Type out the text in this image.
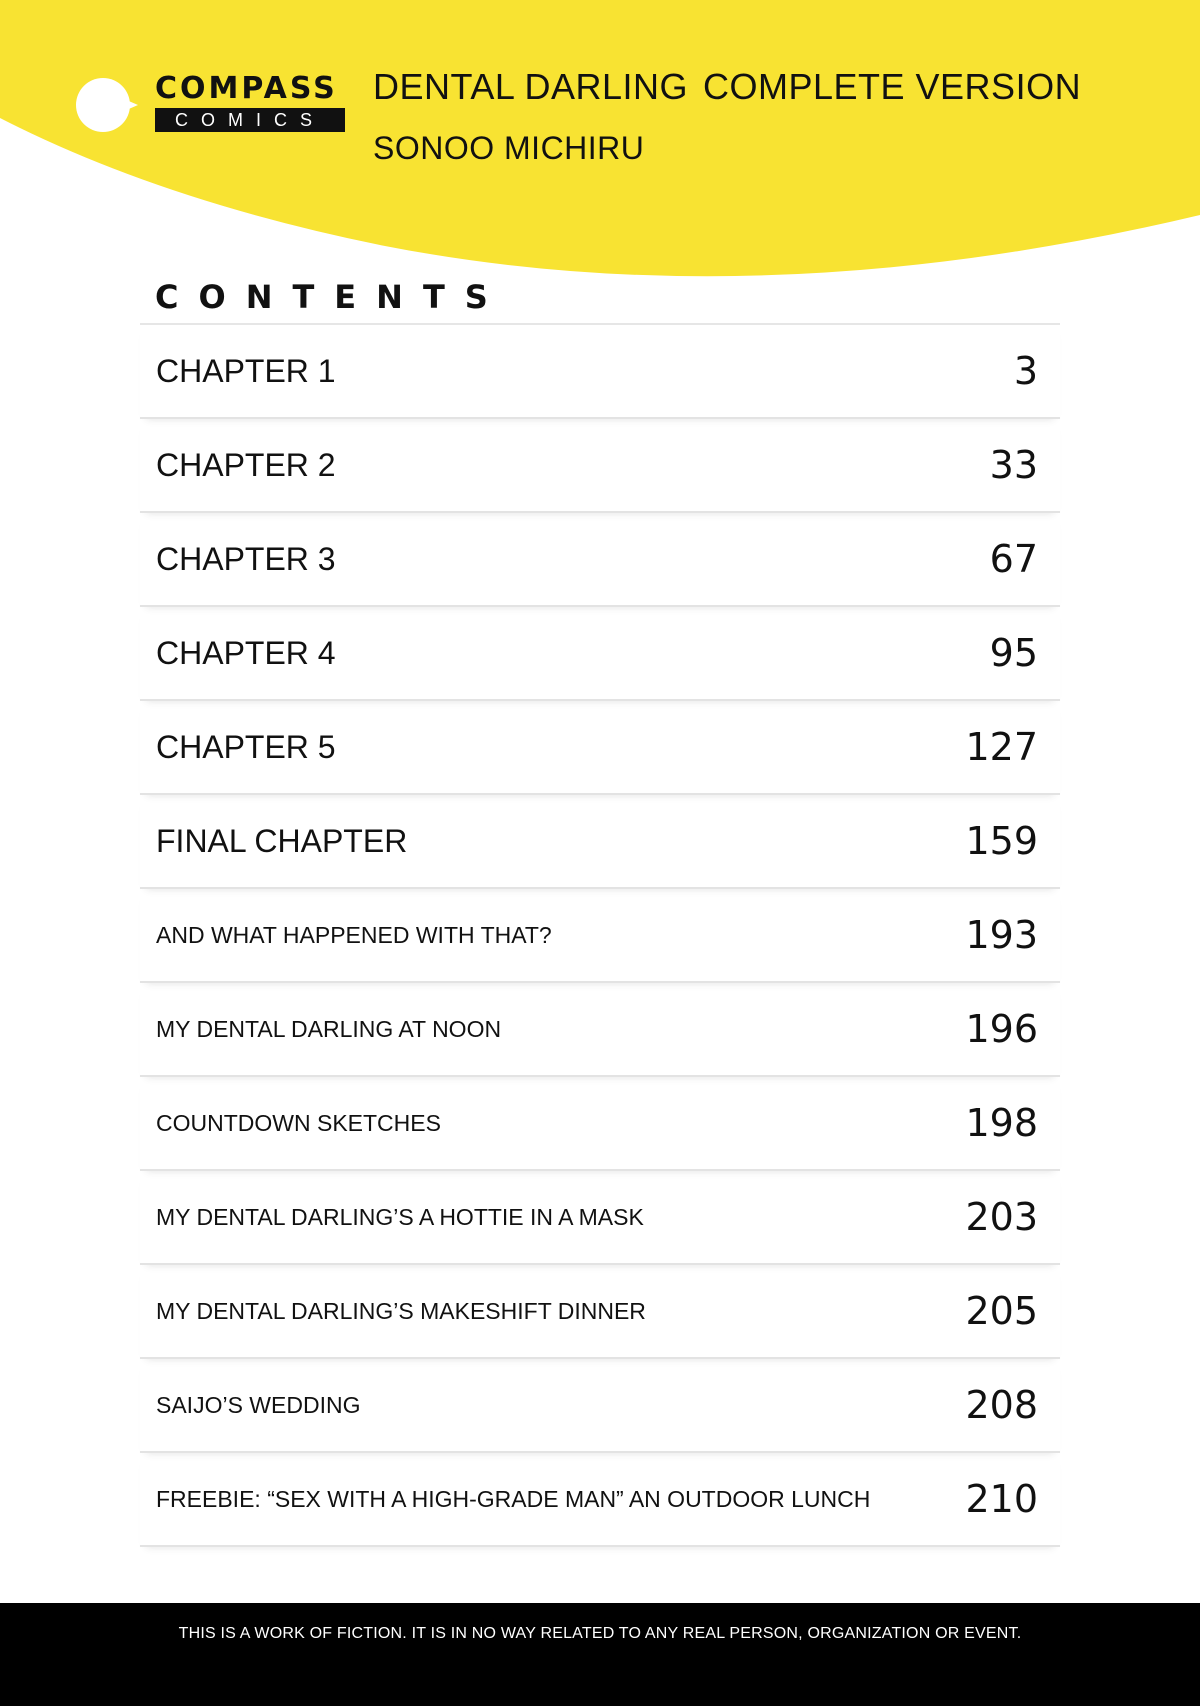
COMPASS
COMICS
DENTAL DARLING COMPLETE VERSION
SONOO MICHIRU
CONTENTS
CHAPTER 1	3
CHAPTER 2	33
CHAPTER 3	67
CHAPTER 4	95
CHAPTER 5	127
FINAL CHAPTER	159
AND WHAT HAPPENED WITH THAT?	193
MY DENTAL DARLING AT NOON	196
COUNTDOWN SKETCHES	198
MY DENTAL DARLING’S A HOTTIE IN A MASK	203
MY DENTAL DARLING’S MAKESHIFT DINNER	205
SAIJO’S WEDDING	208
FREEBIE: “SEX WITH A HIGH-GRADE MAN” AN OUTDOOR LUNCH	210
THIS IS A WORK OF FICTION. IT IS IN NO WAY RELATED TO ANY REAL PERSON, ORGANIZATION OR EVENT.
